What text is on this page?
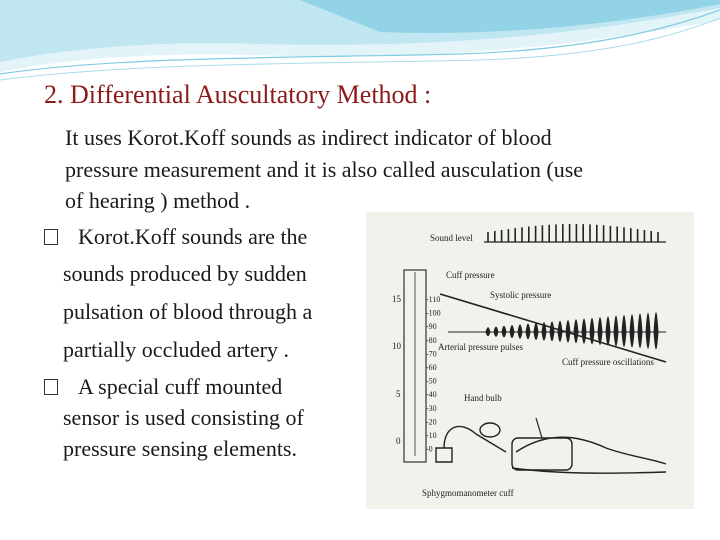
2. Differential Auscultatory Method :
It uses Korot.Koff sounds as indirect indicator of blood
pressure measurement and it is also called ausculation (use
of hearing ) method .
Korot.Koff sounds are the
sounds produced by sudden
pulsation of blood through a
partially occluded artery .
A special cuff mounted
sensor is used consisting of
pressure sensing elements.
Sound level
15
10
5
0
-110
-100
-90
-80
-70
-60
-50
-40
-30
-20
-10
-0
Cuff pressure
Systolic pressure
Arterial pressure pulses
Cuff pressure oscillations
Hand bulb
Sphygmomanometer cuff
